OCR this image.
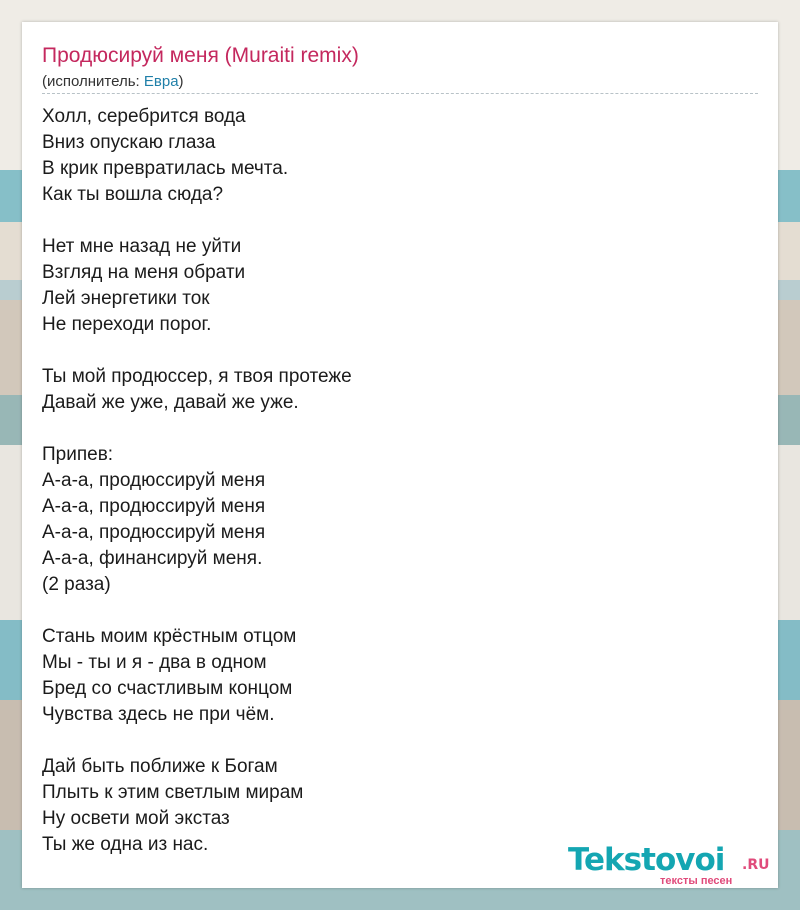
Продюсируй меня (Muraiti remix)
(исполнитель: Евра)
Холл, серебрится вода
Вниз опускаю глаза
В крик превратилась мечта.
Как ты вошла сюда?
Нет мне назад не уйти
Взгляд на меня обрати
Лей энергетики ток
Не переходи порог.
Ты мой продюссер, я твоя протеже
Давай же уже, давай же уже.
Припев:
А-а-а, продюссируй меня
А-а-а, продюссируй меня
А-а-а, продюссируй меня
А-а-а, финансируй меня.
(2 раза)
Стань моим крёстным отцом
Мы - ты и я - два в одном
Бред со счастливым концом
Чувства здесь не при чём.
Дай быть поближе к Богам
Плыть к этим светлым мирам
Ну освети мой экстаз
Ты же одна из нас.	Tekstovoi .RU
тексты песен
